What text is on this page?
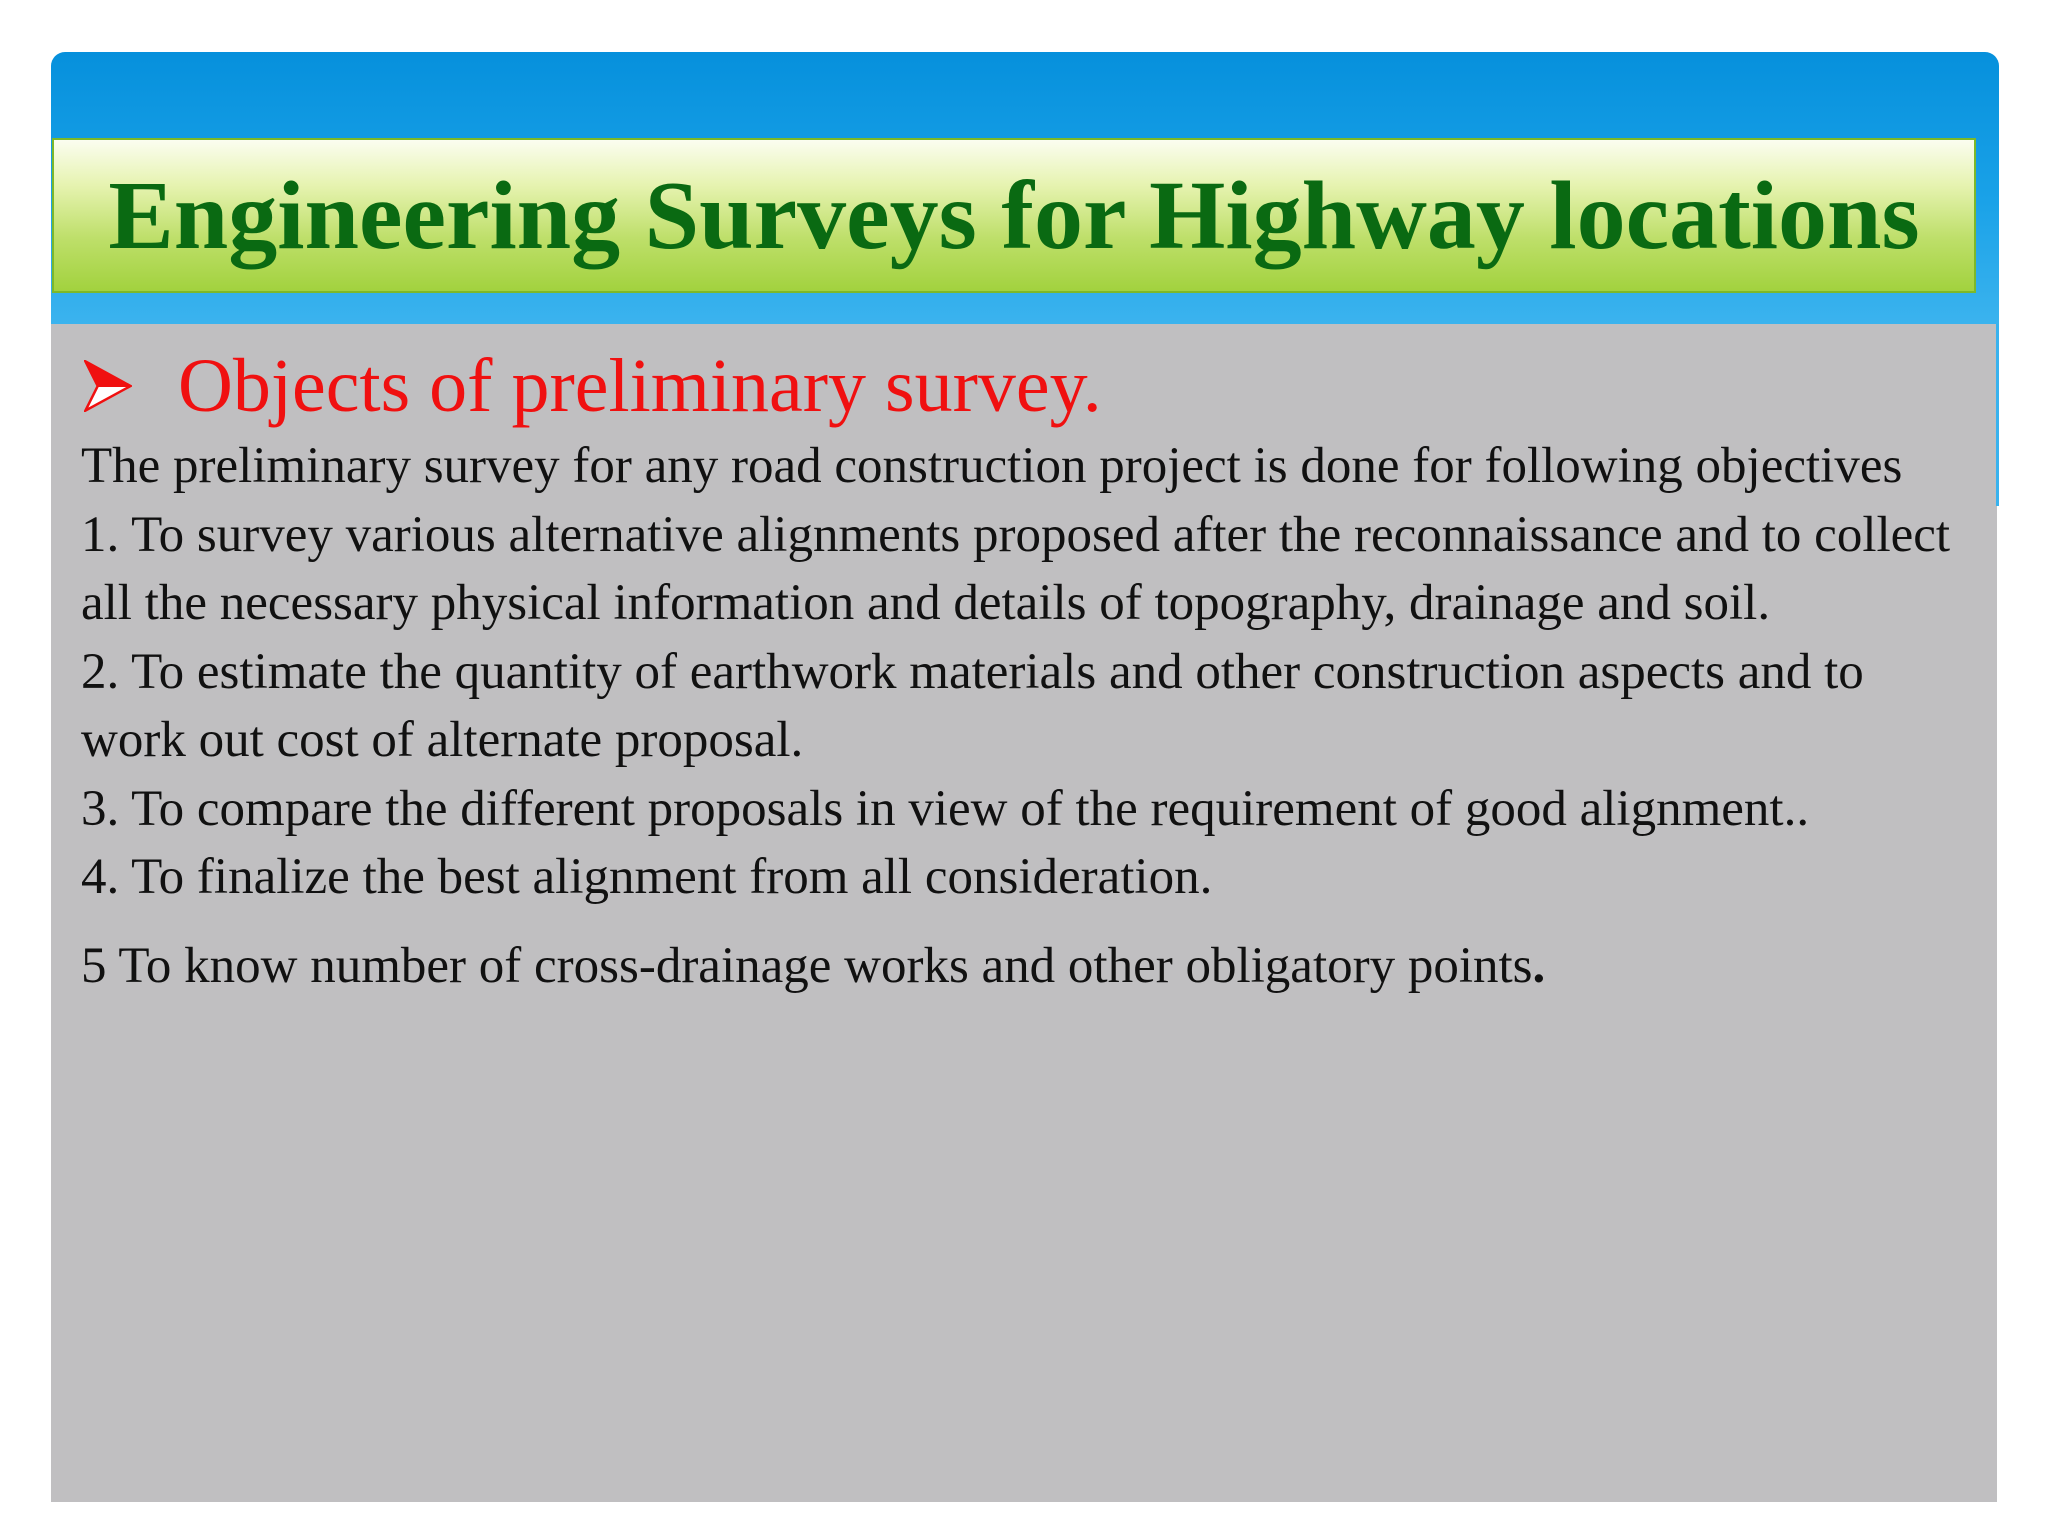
Engineering Surveys for Highway locations
Objects of preliminary survey.

The preliminary survey for any road construction project is done for following objectives

1. To survey various alternative alignments proposed after the reconnaissance and to collect all the necessary physical information and details of topography, drainage and soil.

2. To estimate the quantity of earthwork materials and other construction aspects and to work out cost of alternate proposal.

3. To compare the different proposals in view of the requirement of good alignment..

4. To finalize the best alignment from all consideration.

5 To know number of cross-drainage works and other obligatory points.
